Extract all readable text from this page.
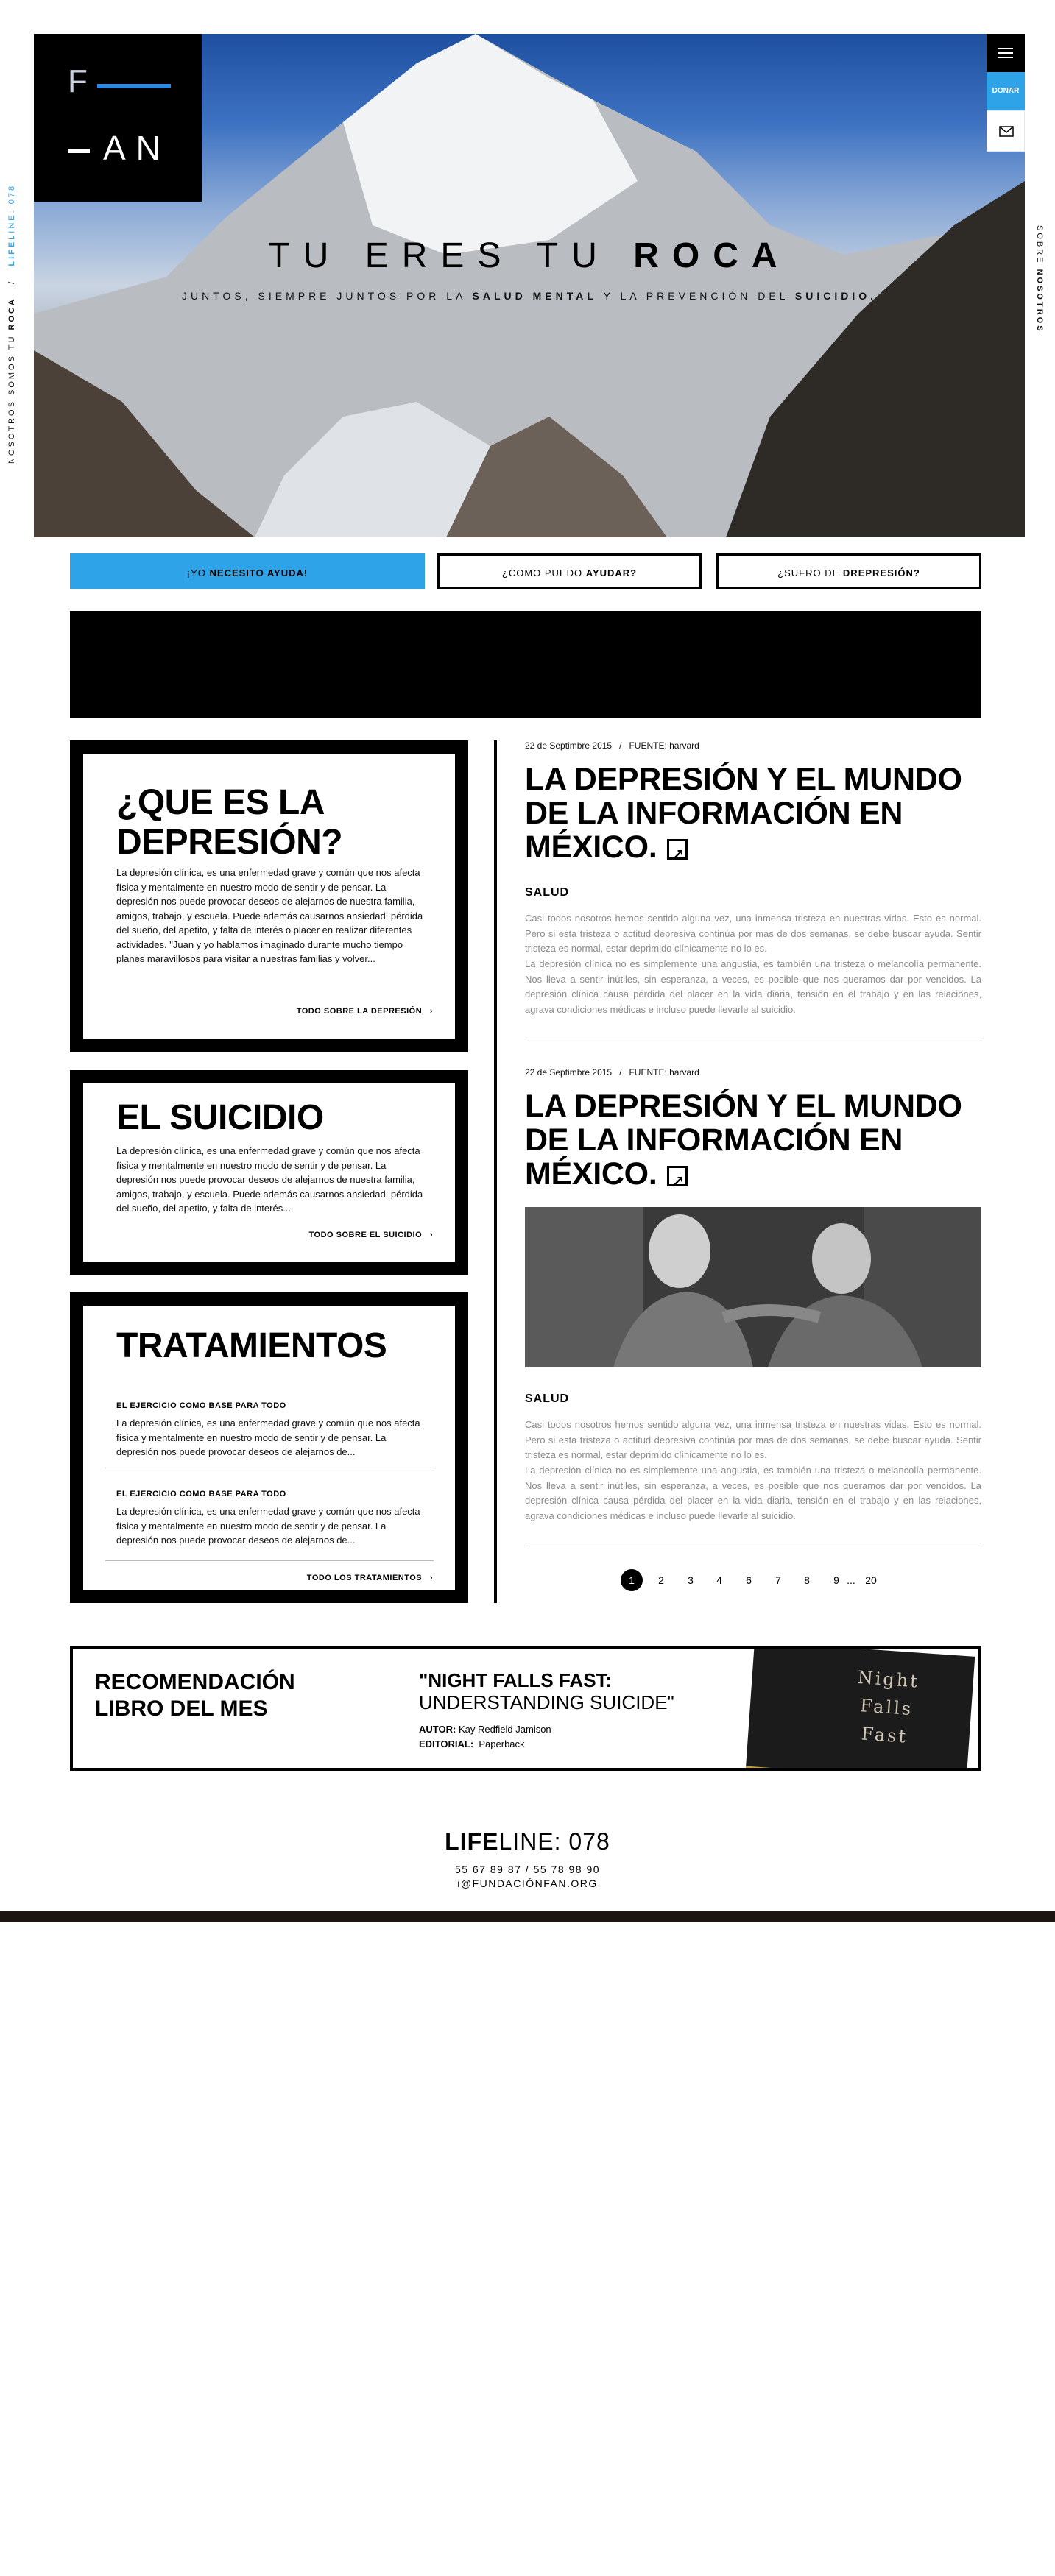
F
AN
TU ERES TU ROCA
JUNTOS, SIEMPRE JUNTOS POR LA SALUD MENTAL Y LA PREVENCIÓN DEL SUICIDIO.
DONAR
NOSOTROS SOMOS TU ROCA   /   LIFELINE: 078
SOBRE NOSOTROS
¡YO NECESITO AYUDA!	¿COMO PUEDO AYUDAR?	¿SUFRO DE DREPRESIÓN?
¿QUE ES LA DEPRESIÓN?
La depresión clínica, es una enfermedad grave y común que nos afecta física y mentalmente en nuestro modo de sentir y de pensar. La depresión nos puede provocar deseos de alejarnos de nuestra familia, amigos, trabajo, y escuela. Puede además causarnos ansiedad, pérdida del sueño, del apetito, y falta de interés o placer en realizar diferentes actividades. "Juan y yo hablamos imaginado durante mucho tiempo planes maravillosos para visitar a nuestras familias y volver...
TODO SOBRE LA DEPRESIÓN ›
EL SUICIDIO
La depresión clínica, es una enfermedad grave y común que nos afecta física y mentalmente en nuestro modo de sentir y de pensar. La depresión nos puede provocar deseos de alejarnos de nuestra familia, amigos, trabajo, y escuela. Puede además causarnos ansiedad, pérdida del sueño, del apetito, y falta de interés...
TODO SOBRE EL SUICIDIO ›
TRATAMIENTOS
EL EJERCICIO COMO BASE PARA TODO
La depresión clínica, es una enfermedad grave y común que nos afecta física y mentalmente en nuestro modo de sentir y de pensar. La depresión nos puede provocar deseos de alejarnos de...
EL EJERCICIO COMO BASE PARA TODO
La depresión clínica, es una enfermedad grave y común que nos afecta física y mentalmente en nuestro modo de sentir y de pensar. La depresión nos puede provocar deseos de alejarnos de...
TODO LOS TRATAMIENTOS ›
22 de Septimbre 2015 / FUENTE: harvard
LA DEPRESIÓN Y EL MUNDO DE LA INFORMACIÓN EN MÉXICO.↗
SALUD
Casi todos nosotros hemos sentido alguna vez, una inmensa tristeza en nuestras vidas. Esto es normal. Pero si esta tristeza o actitud depresiva continúa por mas de dos semanas, se debe buscar ayuda. Sentir tristeza es normal, estar deprimido clínicamente no lo es.
La depresión clínica no es simplemente una angustia, es también una tristeza o melancolía permanente. Nos lleva a sentir inútiles, sin esperanza, a veces, es posible que nos queramos dar por vencidos. La depresión clínica causa pérdida del placer en la vida diaria, tensión en el trabajo y en las relaciones, agrava condiciones médicas e incluso puede llevarle al suicidio.
22 de Septimbre 2015 / FUENTE: harvard
LA DEPRESIÓN Y EL MUNDO DE LA INFORMACIÓN EN MÉXICO.↗
SALUD
Casi todos nosotros hemos sentido alguna vez, una inmensa tristeza en nuestras vidas. Esto es normal. Pero si esta tristeza o actitud depresiva continúa por mas de dos semanas, se debe buscar ayuda. Sentir tristeza es normal, estar deprimido clínicamente no lo es.
La depresión clínica no es simplemente una angustia, es también una tristeza o melancolía permanente. Nos lleva a sentir inútiles, sin esperanza, a veces, es posible que nos queramos dar por vencidos. La depresión clínica causa pérdida del placer en la vida diaria, tensión en el trabajo y en las relaciones, agrava condiciones médicas e incluso puede llevarle al suicidio.
1	2	3	4	6	7	8	9 ... 20
RECOMENDACIÓN LIBRO DEL MES
"NIGHT FALLS FAST:
UNDERSTANDING SUICIDE"
AUTOR: Kay Redfield Jamison
EDITORIAL: Paperback
Night
Falls
Fast
LIFELINE: 078
55 67 89 87 / 55 78 98 90
i@FUNDACIÓNFAN.ORG
